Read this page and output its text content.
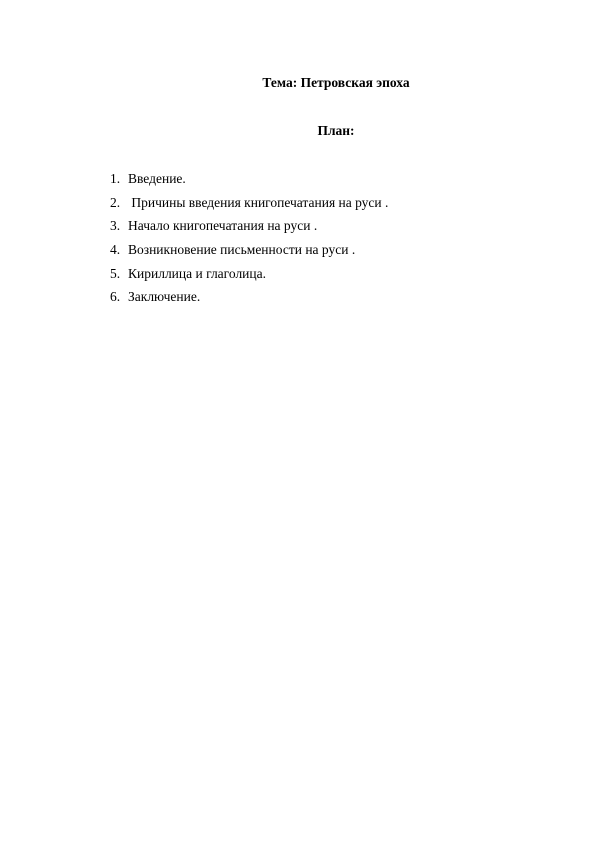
Тема: Петровская эпоха
План:
1. Введение.
2. Причины введения книгопечатания на руси .
3. Начало книгопечатания на руси .
4. Возникновение письменности на руси .
5. Кириллица и глаголица.
6. Заключение.
